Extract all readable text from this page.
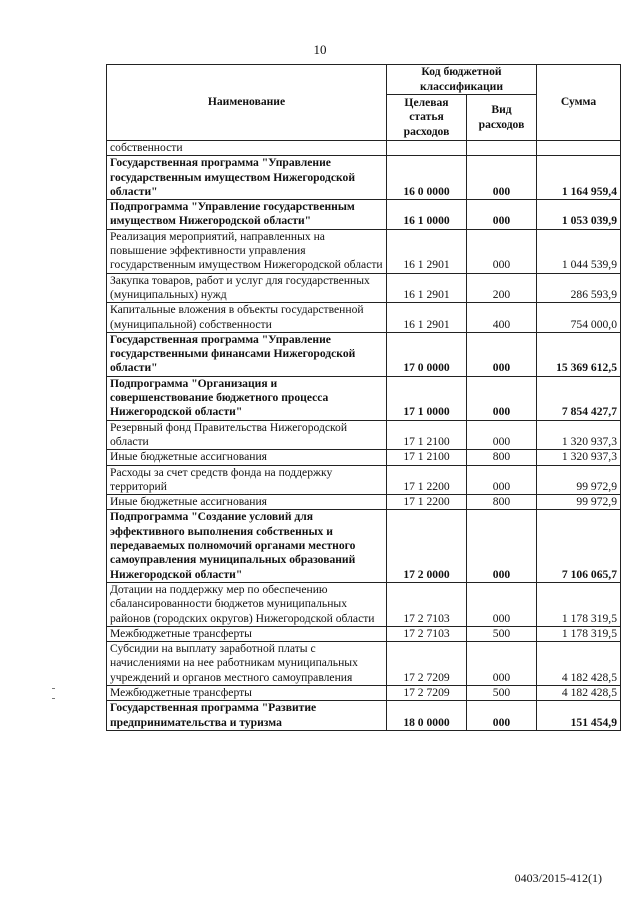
10
Наименование	Код бюджетной классификации		Сумма
	Целевая статья расходов	Вид расходов	
собственности			
Государственная программа "Управление государственным имуществом Нижегородской области"	16 0 0000	000	1 164 959,4
Подпрограмма "Управление государственным имуществом Нижегородской области"	16 1 0000	000	1 053 039,9
Реализация мероприятий, направленных на повышение эффективности управления государственным имуществом Нижегородской области	16 1 2901	000	1 044 539,9
Закупка товаров, работ и услуг для государственных (муниципальных) нужд	16 1 2901	200	286 593,9
Капитальные вложения в объекты государственной (муниципальной) собственности	16 1 2901	400	754 000,0
Государственная программа "Управление государственными финансами Нижегородской области"	17 0 0000	000	15 369 612,5
Подпрограмма "Организация и совершенствование бюджетного процесса Нижегородской области"	17 1 0000	000	7 854 427,7
Резервный фонд Правительства Нижегородской области	17 1 2100	000	1 320 937,3
Иные бюджетные ассигнования	17 1 2100	800	1 320 937,3
Расходы за счет средств фонда на поддержку территорий	17 1 2200	000	99 972,9
Иные бюджетные ассигнования	17 1 2200	800	99 972,9
Подпрограмма "Создание условий для эффективного выполнения собственных и передаваемых полномочий органами местного самоуправления муниципальных образований Нижегородской области"	17 2 0000	000	7 106 065,7
Дотации на поддержку мер по обеспечению сбалансированности бюджетов муниципальных районов (городских округов) Нижегородской области	17 2 7103	000	1 178 319,5
Межбюджетные трансферты	17 2 7103	500	1 178 319,5
Субсидии на выплату заработной платы с начислениями на нее работникам муниципальных учреждений и органов местного самоуправления	17 2 7209	000	4 182 428,5
Межбюджетные трансферты	17 2 7209	500	4 182 428,5
Государственная программа "Развитие предпринимательства и туризма	18 0 0000	000	151 454,9
0403/2015-412(1)
